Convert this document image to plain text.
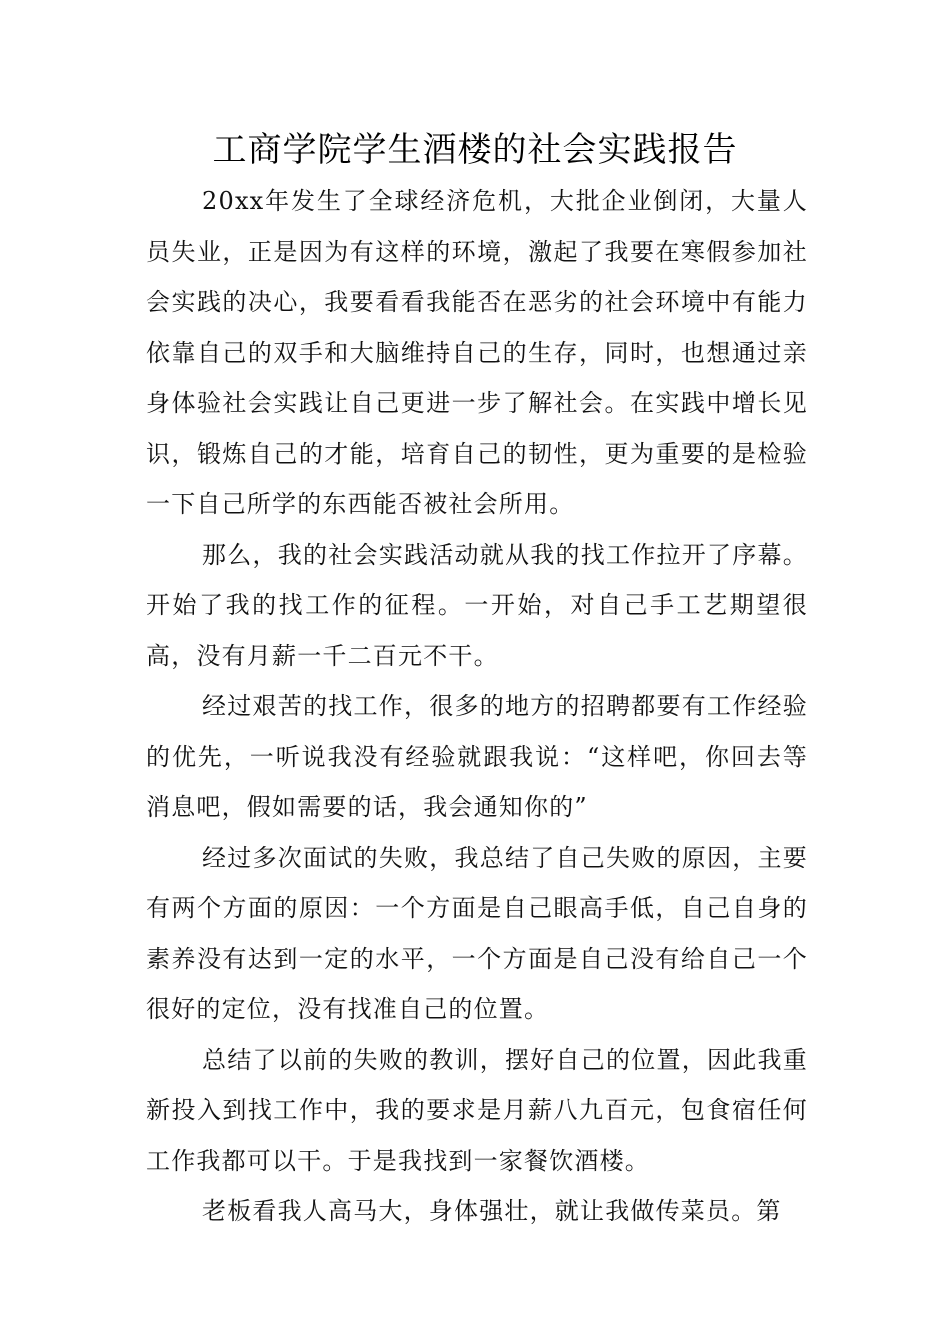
工商学院学生酒楼的社会实践报告

20xx年发生了全球经济危机，大批企业倒闭，大量人员失业，正是因为有这样的环境，激起了我要在寒假参加社会实践的决心，我要看看我能否在恶劣的社会环境中有能力依靠自己的双手和大脑维持自己的生存，同时，也想通过亲身体验社会实践让自己更进一步了解社会。在实践中增长见识，锻炼自己的才能，培育自己的韧性，更为重要的是检验一下自己所学的东西能否被社会所用。

那么，我的社会实践活动就从我的找工作拉开了序幕。开始了我的找工作的征程。一开始，对自己手工艺期望很高，没有月薪一千二百元不干。

经过艰苦的找工作，很多的地方的招聘都要有工作经验的优先，一听说我没有经验就跟我说：“这样吧，你回去等消息吧，假如需要的话，我会通知你的”

经过多次面试的失败，我总结了自己失败的原因，主要有两个方面的原因：一个方面是自己眼高手低，自己自身的素养没有达到一定的水平，一个方面是自己没有给自己一个很好的定位，没有找准自己的位置。

总结了以前的失败的教训，摆好自己的位置，因此我重新投入到找工作中，我的要求是月薪八九百元，包食宿任何工作我都可以干。于是我找到一家餐饮酒楼。

老板看我人高马大，身体强壮，就让我做传菜员。第
